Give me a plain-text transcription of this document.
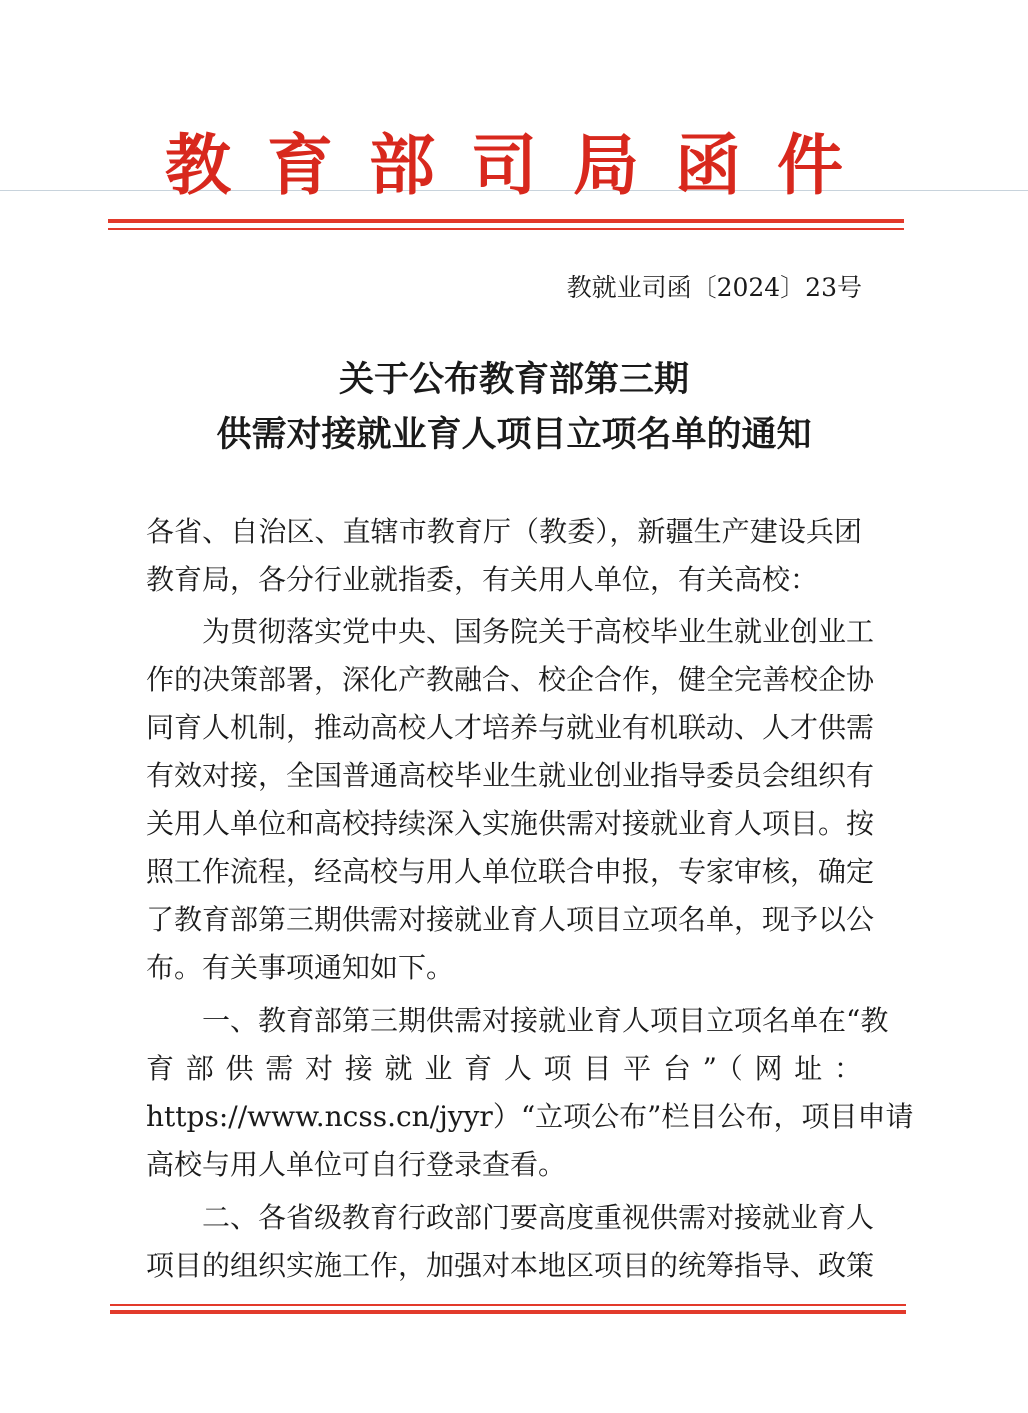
教育部司局函件
教就业司函〔2024〕23号
关于公布教育部第三期
供需对接就业育人项目立项名单的通知
各省、自治区、直辖市教育厅（教委），新疆生产建设兵团
教育局，各分行业就指委，有关用人单位，有关高校：
　　为贯彻落实党中央、国务院关于高校毕业生就业创业工
作的决策部署，深化产教融合、校企合作，健全完善校企协
同育人机制，推动高校人才培养与就业有机联动、人才供需
有效对接，全国普通高校毕业生就业创业指导委员会组织有
关用人单位和高校持续深入实施供需对接就业育人项目。按
照工作流程，经高校与用人单位联合申报，专家审核，确定
了教育部第三期供需对接就业育人项目立项名单，现予以公
布。有关事项通知如下。
　　一、教育部第三期供需对接就业育人项目立项名单在“教
育部供需对接就业育人项目平台”（网址：
https://www.ncss.cn/jyyr）“立项公布”栏目公布，项目申请
高校与用人单位可自行登录查看。
　　二、各省级教育行政部门要高度重视供需对接就业育人
项目的组织实施工作，加强对本地区项目的统筹指导、政策
